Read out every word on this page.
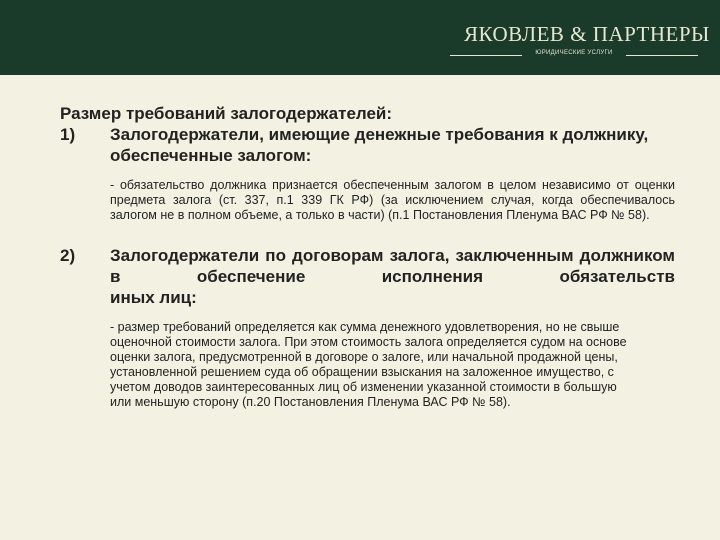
ЯКОВЛЕВ & ПАРТНЕРЫ
ЮРИДИЧЕСКИЕ УСЛУГИ
Размер требований залогодержателей:
1)	Залогодержатели, имеющие денежные требования к должнику, обеспеченные залогом:
- обязательство должника признается обеспеченным залогом в целом независимо от оценки предмета залога (ст. 337, п.1 339 ГК РФ) (за исключением случая, когда обеспечивалось залогом не в полном объеме, а только в части) (п.1 Постановления Пленума ВАС РФ № 58).
2)	Залогодержатели по договорам залога, заключенным должником в обеспечение исполнения обязательств
иных лиц:
- размер требований определяется как сумма денежного удовлетворения, но не свыше оценочной стоимости залога. При этом стоимость залога определяется судом на основе оценки залога, предусмотренной в договоре о залоге, или начальной продажной цены, установленной решением суда об обращении взыскания на заложенное имущество, с учетом доводов заинтересованных лиц об изменении указанной стоимости в большую или меньшую сторону (п.20 Постановления Пленума ВАС РФ № 58).
